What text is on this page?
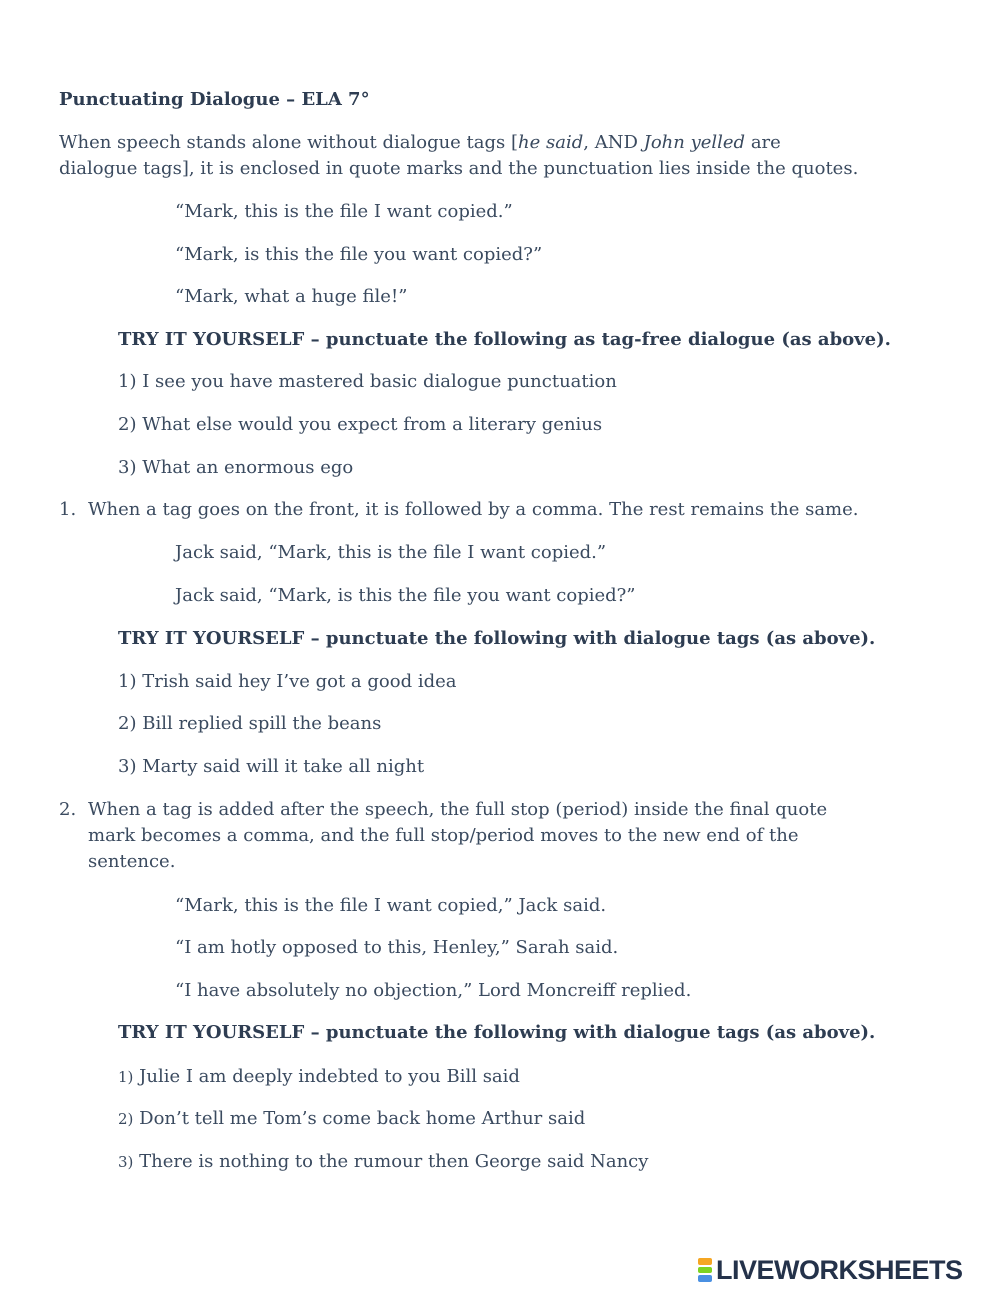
Punctuating Dialogue – ELA 7°
When speech stands alone without dialogue tags [he said, AND John yelled are
dialogue tags], it is enclosed in quote marks and the punctuation lies inside the quotes.
“Mark, this is the file I want copied.”
“Mark, is this the file you want copied?”
“Mark, what a huge file!”
TRY IT YOURSELF – punctuate the following as tag-free dialogue (as above).
1) I see you have mastered basic dialogue punctuation
2) What else would you expect from a literary genius
3) What an enormous ego
1. When a tag goes on the front, it is followed by a comma. The rest remains the same.
Jack said, “Mark, this is the file I want copied.”
Jack said, “Mark, is this the file you want copied?”
TRY IT YOURSELF – punctuate the following with dialogue tags (as above).
1) Trish said hey I’ve got a good idea
2) Bill replied spill the beans
3) Marty said will it take all night
2. When a tag is added after the speech, the full stop (period) inside the final quote
mark becomes a comma, and the full stop/period moves to the new end of the
sentence.
“Mark, this is the file I want copied,” Jack said.
“I am hotly opposed to this, Henley,” Sarah said.
“I have absolutely no objection,” Lord Moncreiff replied.
TRY IT YOURSELF – punctuate the following with dialogue tags (as above).
1) Julie I am deeply indebted to you Bill said
2) Don’t tell me Tom’s come back home Arthur said
3) There is nothing to the rumour then George said Nancy
LIVEWORKSHEETS
